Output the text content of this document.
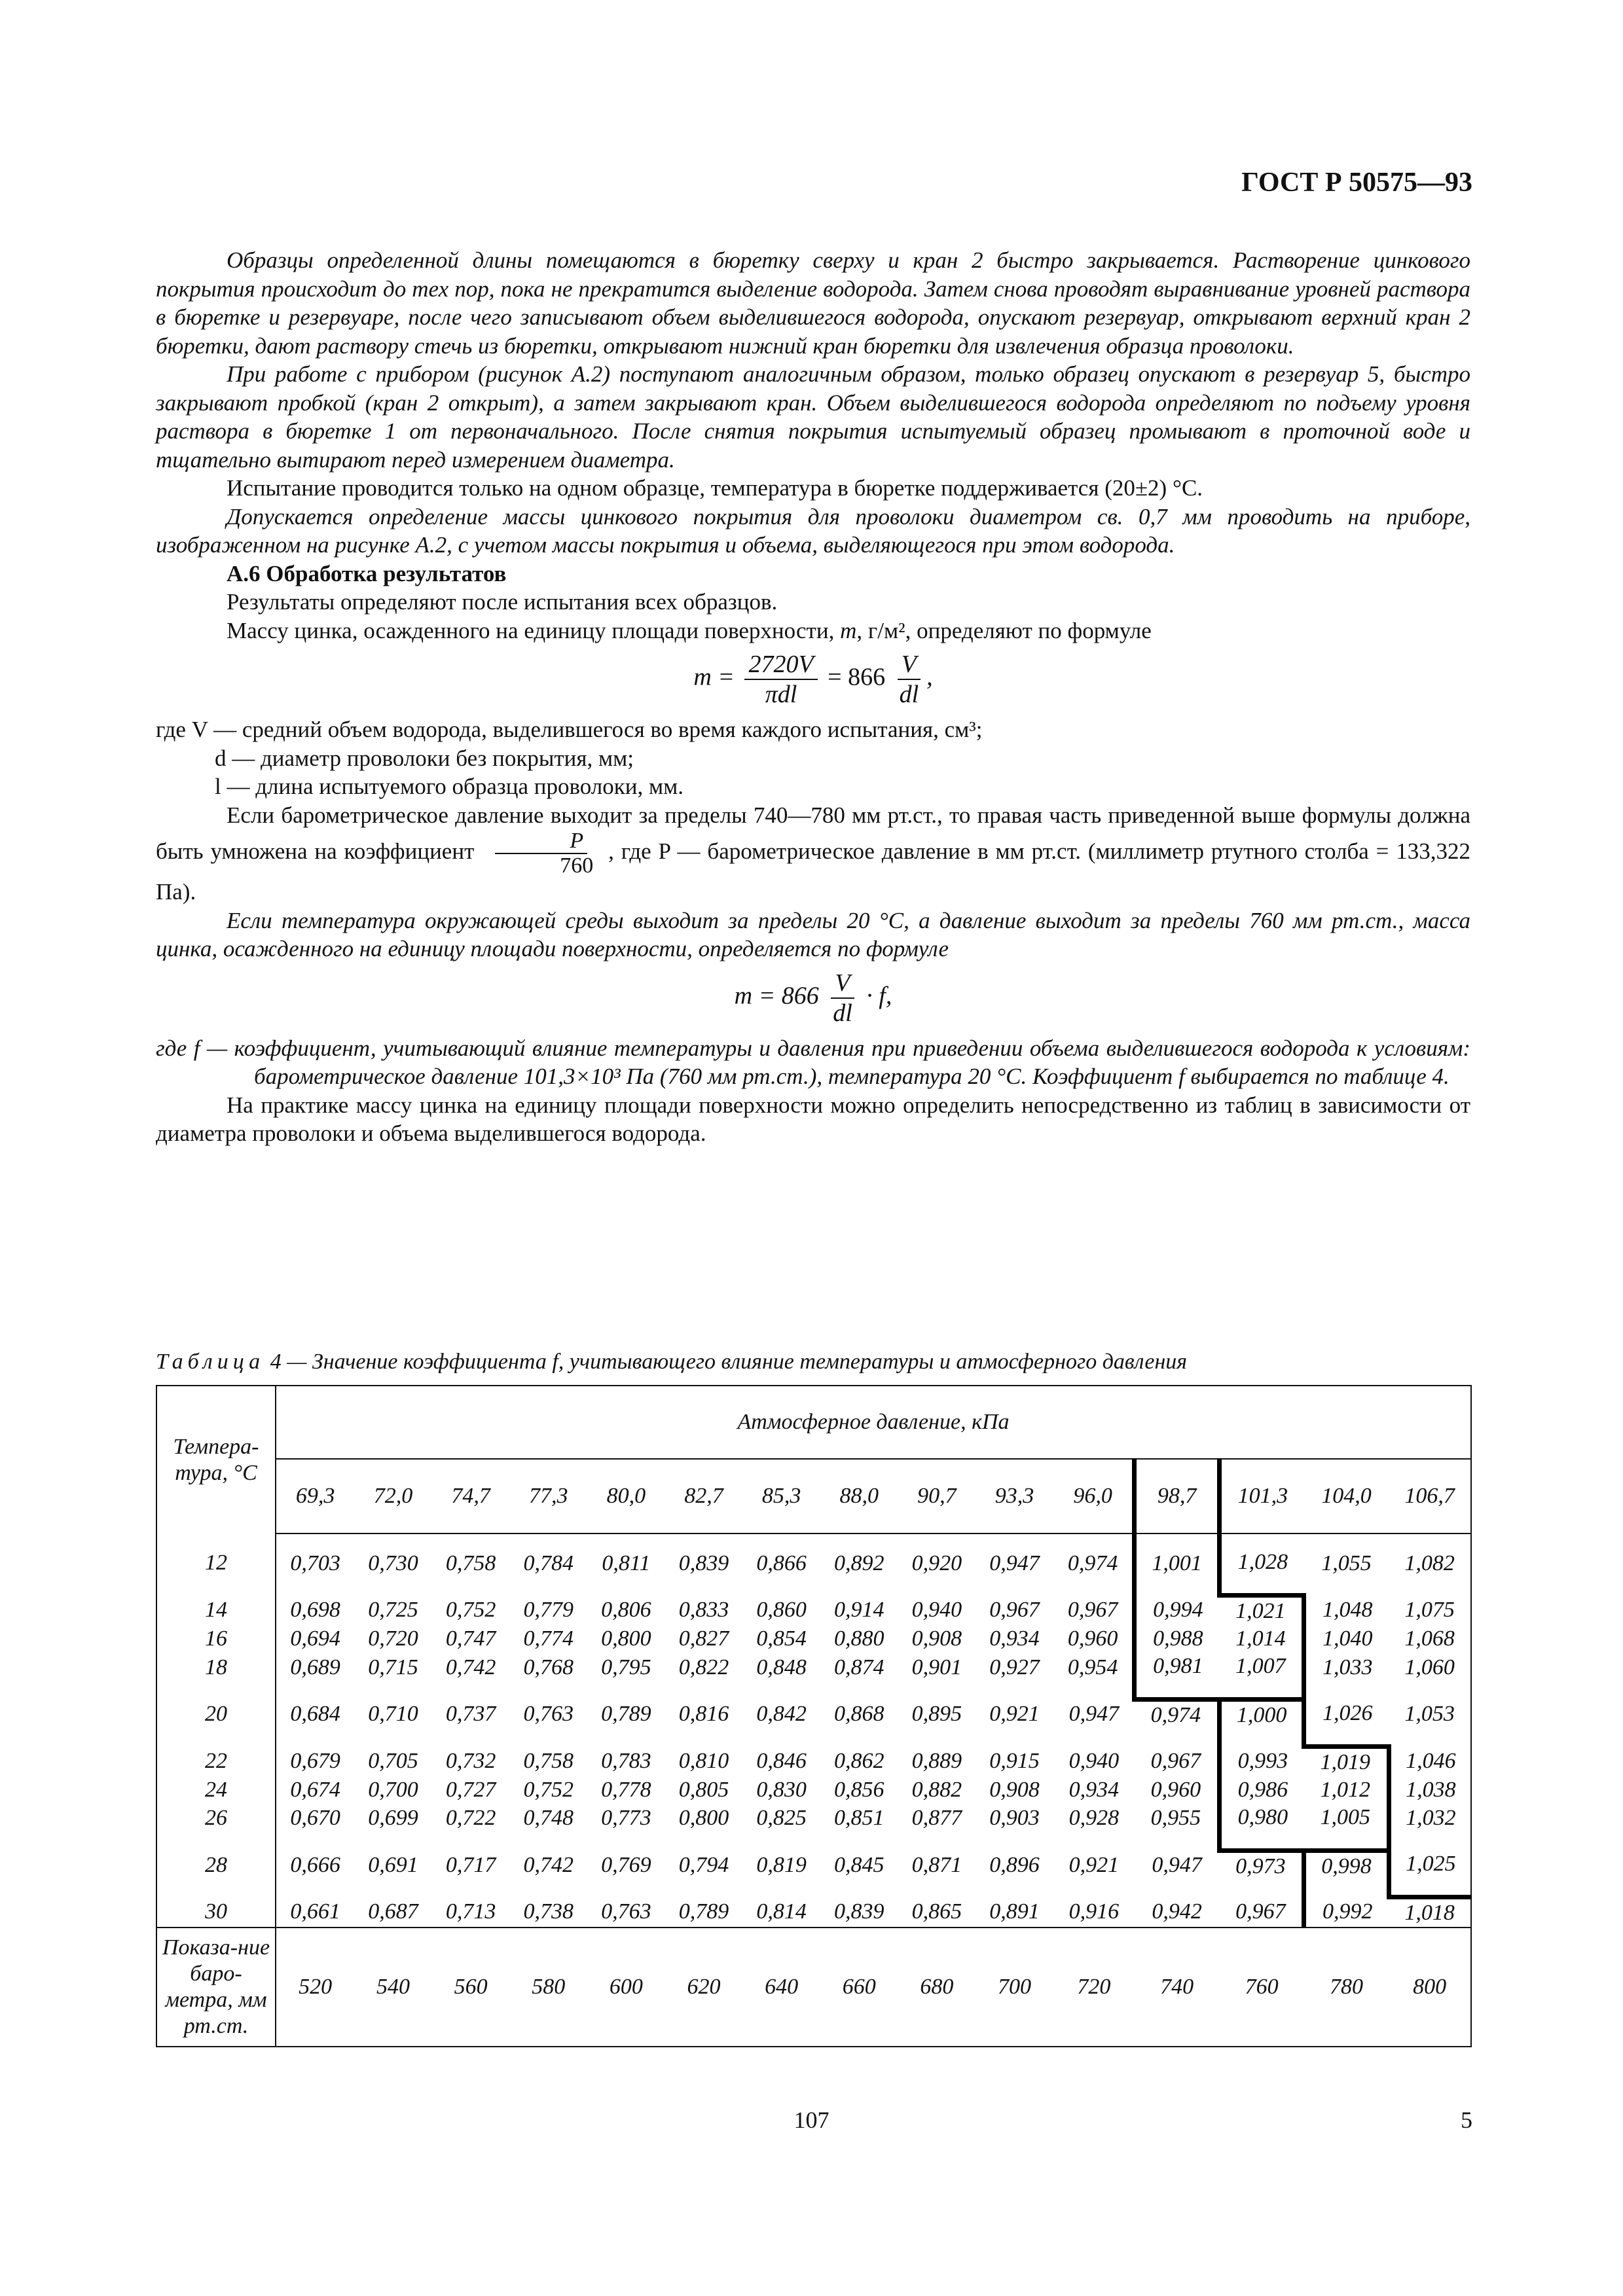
ГОСТ Р 50575—93

Образцы определенной длины помещаются в бюретку сверху и кран 2 быстро закрывается. Растворение цинкового покрытия происходит до тех пор, пока не прекратится выделение водорода. Затем снова проводят выравнивание уровней раствора в бюретке и резервуаре, после чего записывают объем выделившегося водорода, опускают резервуар, открывают верхний кран 2 бюретки, дают раствору стечь из бюретки, открывают нижний кран бюретки для извлечения образца проволоки.

При работе с прибором (рисунок А.2) поступают аналогичным образом, только образец опускают в резервуар 5, быстро закрывают пробкой (кран 2 открыт), а затем закрывают кран. Объем выделившегося водорода определяют по подъему уровня раствора в бюретке 1 от первоначального. После снятия покрытия испытуемый образец промывают в проточной воде и тщательно вытирают перед измерением диаметра.

Испытание проводится только на одном образце, температура в бюретке поддерживается (20±2) °С.

Допускается определение массы цинкового покрытия для проволоки диаметром св. 0,7 мм проводить на приборе, изображенном на рисунке А.2, с учетом массы покрытия и объема, выделяющегося при этом водорода.

А.6 Обработка результатов

Результаты определяют после испытания всех образцов.

Массу цинка, осажденного на единицу площади поверхности, m, г/м², определяют по формуле

$m = \frac{2720V}{\text{πdl}} = 866 \frac{V}{dl}$ ,

где V — средний объем водорода, выделившегося во время каждого испытания, см³;

d — диаметр проволоки без покрытия, мм;

l — длина испытуемого образца проволоки, мм.

Если барометрическое давление выходит за пределы 740—780 мм рт.ст., то правая часть приведенной выше формулы должна быть умножена на коэффициент $\frac{P}{760}$ , где P — барометрическое давление в мм рт.ст. (миллиметр ртутного столба = 133,322 Па).

Если температура окружающей среды выходит за пределы 20 °С, а давление выходит за пределы 760 мм рт.ст., масса цинка, осажденного на единицу площади поверхности, определяется по формуле

$m = 866 \frac{V}{dl} \cdot f$,

где f — коэффициент, учитывающий влияние температуры и давления при приведении объема выделившегося водорода к условиям: барометрическое давление 101,3×10³ Па (760 мм рт.ст.), температура 20 °С. Коэффициент f выбирается по таблице 4.

На практике массу цинка на единицу площади поверхности можно определить непосредственно из таблиц в зависимости от диаметра проволоки и объема выделившегося водорода.

Таблица 4 — Значение коэффициента f, учитывающего влияние температуры и атмосферного давления
Темпера-тура, °С	Атмосферное давление, кПа														
	69,3	72,0	74,7	77,3	80,0	82,7	85,3	88,0	90,7	93,3	96,0	98,7	101,3	104,0	106,7
12	0,703	0,730	0,758	0,784	0,811	0,839	0,866	0,892	0,920	0,947	0,974	1,001	1,028	1,055	1,082
14	0,698	0,725	0,752	0,779	0,806	0,833	0,860	0,914	0,940	0,967	0,967	0,994	1,021	1,048	1,075
16	0,694	0,720	0,747	0,774	0,800	0,827	0,854	0,880	0,908	0,934	0,960	0,988	1,014	1,040	1,068
18	0,689	0,715	0,742	0,768	0,795	0,822	0,848	0,874	0,901	0,927	0,954	0,981	1,007	1,033	1,060
20	0,684	0,710	0,737	0,763	0,789	0,816	0,842	0,868	0,895	0,921	0,947	0,974	1,000	1,026	1,053
22	0,679	0,705	0,732	0,758	0,783	0,810	0,846	0,862	0,889	0,915	0,940	0,967	0,993	1,019	1,046
24	0,674	0,700	0,727	0,752	0,778	0,805	0,830	0,856	0,882	0,908	0,934	0,960	0,986	1,012	1,038
26	0,670	0,699	0,722	0,748	0,773	0,800	0,825	0,851	0,877	0,903	0,928	0,955	0,980	1,005	1,032
28	0,666	0,691	0,717	0,742	0,769	0,794	0,819	0,845	0,871	0,896	0,921	0,947	0,973	0,998	1,025
30	0,661	0,687	0,713	0,738	0,763	0,789	0,814	0,839	0,865	0,891	0,916	0,942	0,967	0,992	1,018
Показа-ние баро-метра, мм рт.ст.	520	540	560	580	600	620	640	660	680	700	720	740	760	780	800
107	5
